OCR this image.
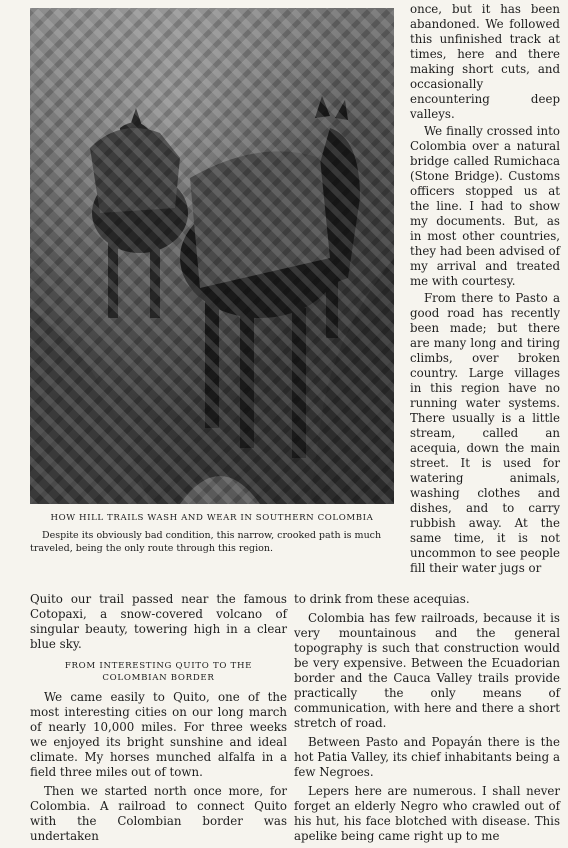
HOW HILL TRAILS WASH AND WEAR IN SOUTHERN COLOMBIA

Despite its obviously bad condition, this narrow, crooked path is much traveled, being the only route through this region.

once, but it has been abandoned. We followed this unfinished track at times, here and there making short cuts, and occasionally encountering deep valleys.

We finally crossed into Colombia over a natural bridge called Rumichaca (Stone Bridge). Customs officers stopped us at the line. I had to show my documents. But, as in most other countries, they had been advised of my arrival and treated me with courtesy.

From there to Pasto a good road has recently been made; but there are many long and tiring climbs, over broken country. Large villages in this region have no running water systems. There usually is a little stream, called an acequia, down the main street. It is used for watering animals, washing clothes and dishes, and to carry rubbish away. At the same time, it is not uncommon to see people fill their water jugs or

Quito our trail passed near the famous Cotopaxi, a snow-covered volcano of singular beauty, towering high in a clear blue sky.

FROM INTERESTING QUITO TO THE
COLOMBIAN BORDER

We came easily to Quito, one of the most interesting cities on our long march of nearly 10,000 miles. For three weeks we enjoyed its bright sunshine and ideal climate. My horses munched alfalfa in a field three miles out of town.

Then we started north once more, for Colombia. A railroad to connect Quito with the Colombian border was undertaken

to drink from these acequias.

Colombia has few railroads, because it is very mountainous and the general topography is such that construction would be very expensive. Between the Ecuadorian border and the Cauca Valley trails provide practically the only means of communication, with here and there a short stretch of road.

Between Pasto and Popayán there is the hot Patia Valley, its chief inhabitants being a few Negroes.

Lepers here are numerous. I shall never forget an elderly Negro who crawled out of his hut, his face blotched with disease. This apelike being came right up to me
